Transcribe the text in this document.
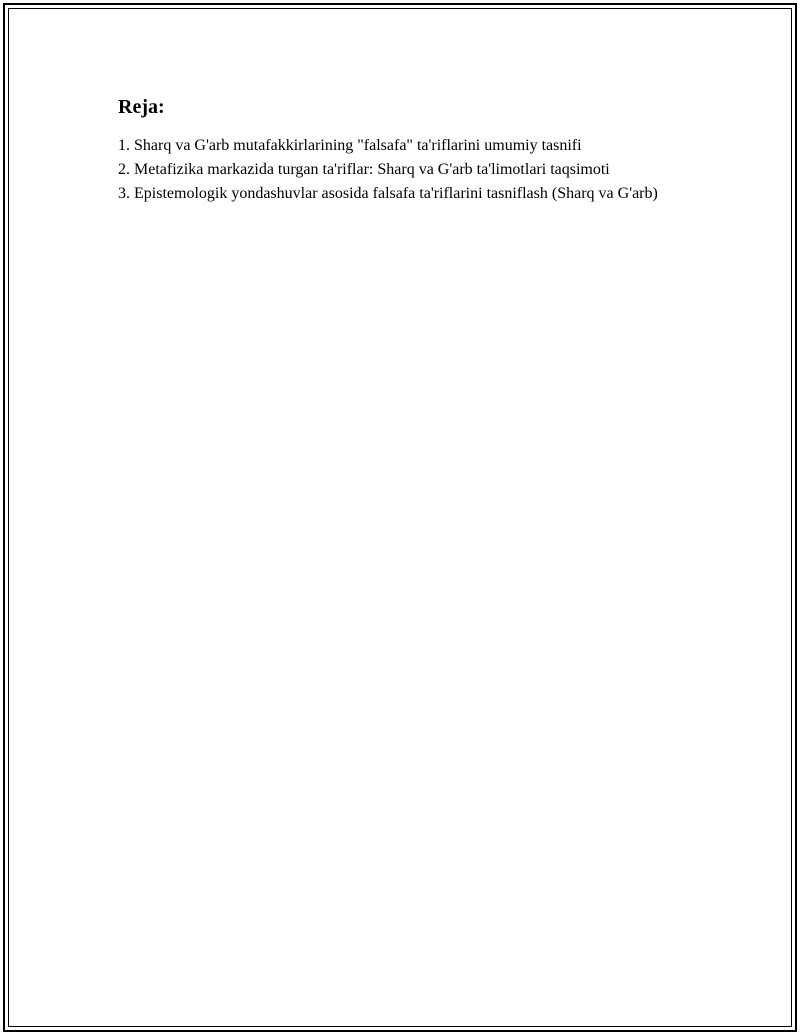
Reja:
1. Sharq va G'arb mutafakkirlarining "falsafa" ta'riflarini umumiy tasnifi
2. Metafizika markazida turgan ta'riflar: Sharq va G'arb ta'limotlari taqsimoti
3. Epistemologik yondashuvlar asosida falsafa ta'riflarini tasniflash (Sharq va G'arb)
